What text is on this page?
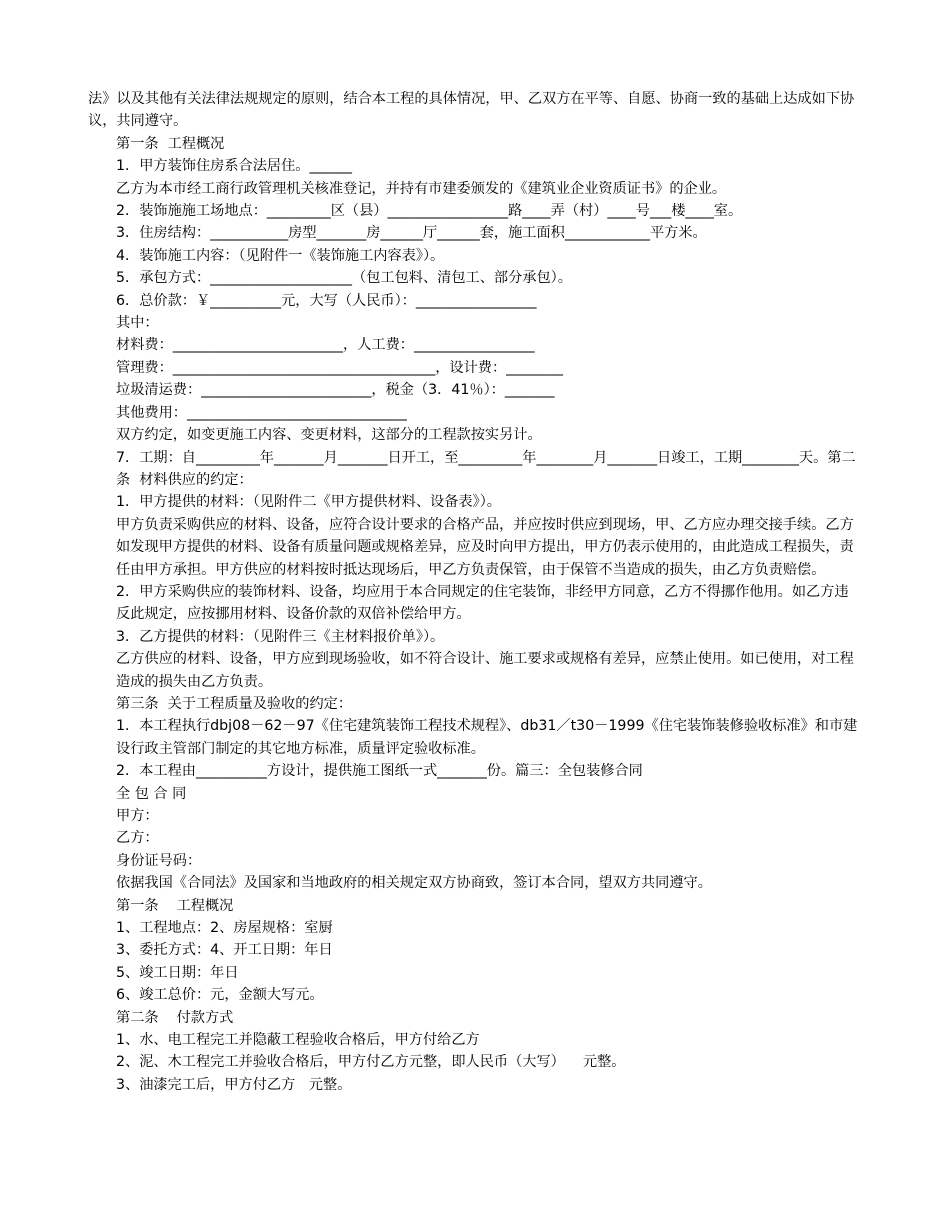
法》以及其他有关法律法规规定的原则，结合本工程的具体情况，甲、乙双方在平等、自愿、协商一致的基础上达成如下协议，共同遵守。

第一条  工程概况

1．甲方装饰住房系合法居住。______

乙方为本市经工商行政管理机关核准登记，并持有市建委颁发的《建筑业企业资质证书》的企业。

2．装饰施施工场地点：_________区（县）_________________路____弄（村）____号___楼____室。

3．住房结构：___________房型_______房______厅______套，施工面积____________平方米。

4．装饰施工内容：（见附件一《装饰施工内容表》）。

5．承包方式：____________________（包工包料、清包工、部分承包）。

6．总价款：￥__________元，大写（人民币）：_________________

其中：

材料费：________________________，人工费：_________________

管理费：_____________________________________，设计费：________

垃圾清运费：________________________，税金（3．41％）：_______

其他费用：_______________________________

双方约定，如变更施工内容、变更材料，这部分的工程款按实另计。

7．工期：自_________年_______月_______日开工，至_________年________月_______日竣工，工期________天。第二条  材料供应的约定：

1．甲方提供的材料：（见附件二《甲方提供材料、设备表》）。

甲方负责采购供应的材料、设备，应符合设计要求的合格产品，并应按时供应到现场，甲、乙方应办理交接手续。乙方如发现甲方提供的材料、设备有质量问题或规格差异，应及时向甲方提出，甲方仍表示使用的，由此造成工程损失，责任由甲方承担。甲方供应的材料按时抵达现场后，甲乙方负责保管，由于保管不当造成的损失，由乙方负责赔偿。

2．甲方采购供应的装饰材料、设备，均应用于本合同规定的住宅装饰，非经甲方同意，乙方不得挪作他用。如乙方违反此规定，应按挪用材料、设备价款的双倍补偿给甲方。

3．乙方提供的材料：（见附件三《主材料报价单》）。

乙方供应的材料、设备，甲方应到现场验收，如不符合设计、施工要求或规格有差异，应禁止使用。如已使用，对工程造成的损失由乙方负责。

第三条  关于工程质量及验收的约定：

1．本工程执行dbj08－62－97《住宅建筑装饰工程技术规程》、db31／t30－1999《住宅装饰装修验收标准》和市建设行政主管部门制定的其它地方标准，质量评定验收标准。

2．本工程由__________方设计，提供施工图纸一式_______份。篇三：全包装修合同

全 包 合 同

甲方：

乙方：

身份证号码：

依据我国《合同法》及国家和当地政府的相关规定双方协商致，签订本合同，望双方共同遵守。

第一条    工程概况

1、工程地点：2、房屋规格：室厨

3、委托方式：4、开工日期：年日

5、竣工日期：年日

6、竣工总价：元，金额大写元。

第二条    付款方式

1、水、电工程完工并隐蔽工程验收合格后，甲方付给乙方

2、泥、木工程完工并验收合格后，甲方付乙方元整，即人民币（大写）    元整。

3、油漆完工后，甲方付乙方   元整。
